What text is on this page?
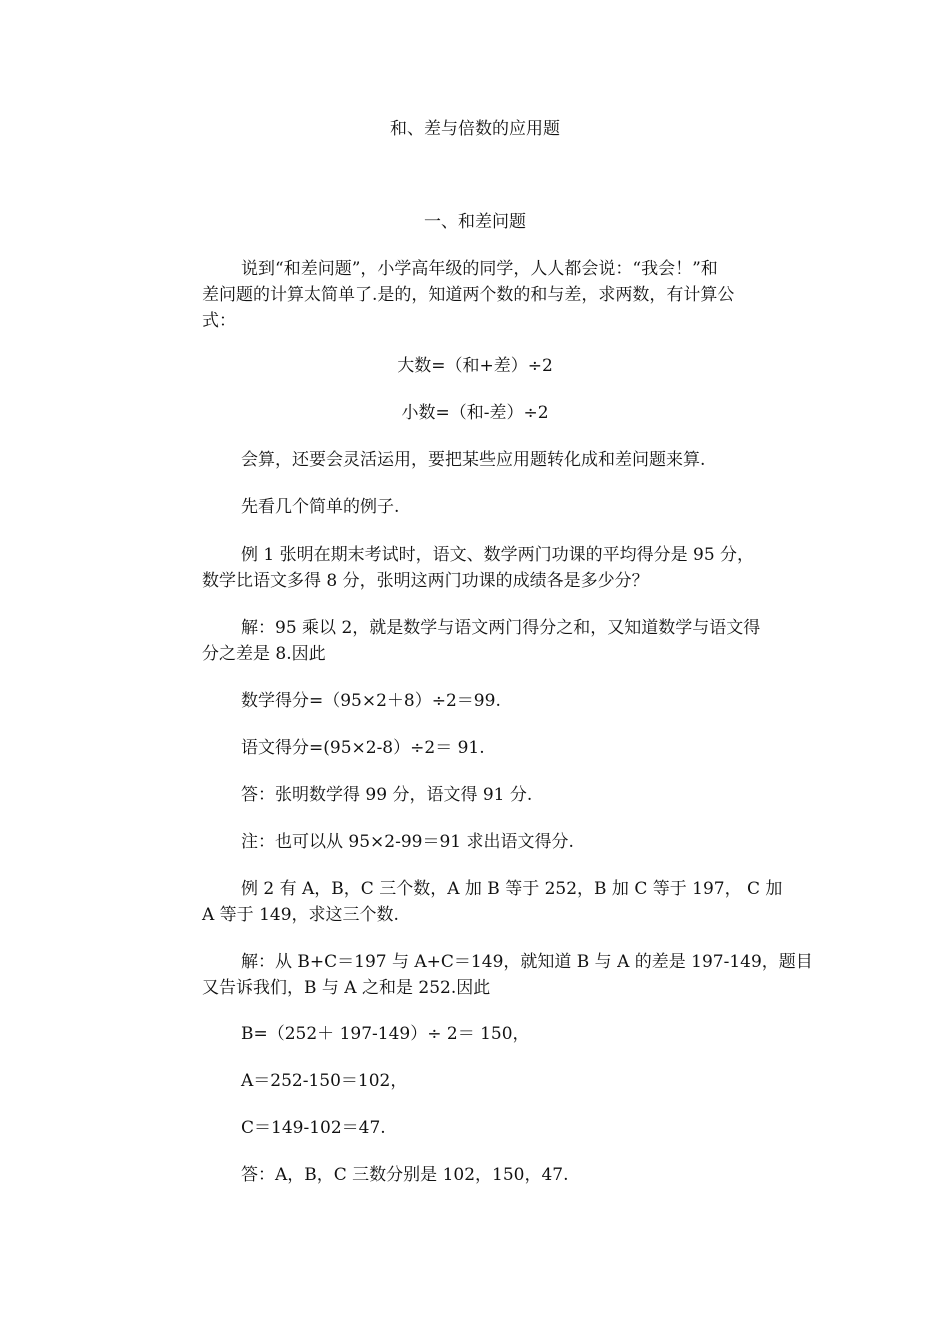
和、差与倍数的应用题
一、和差问题
说到“和差问题”，小学高年级的同学，人人都会说：“我会！”和
差问题的计算太简单了.是的，知道两个数的和与差，求两数，有计算公
式：
大数=（和+差）÷2
小数=（和-差）÷2
会算，还要会灵活运用，要把某些应用题转化成和差问题来算.
先看几个简单的例子.
例 1 张明在期末考试时，语文、数学两门功课的平均得分是 95 分，
数学比语文多得 8 分，张明这两门功课的成绩各是多少分？
解：95 乘以 2，就是数学与语文两门得分之和，又知道数学与语文得
分之差是 8.因此
数学得分=（95×2＋8）÷2＝99.
语文得分=(95×2-8）÷2＝ 91.
答：张明数学得 99 分，语文得 91 分.
注：也可以从 95×2-99＝91 求出语文得分.
例 2 有 A，B，C 三个数，A 加 B 等于 252，B 加 C 等于 197， C 加
A 等于 149，求这三个数.
解：从 B+C＝197 与 A+C＝149，就知道 B 与 A 的差是 197-149，题目
又告诉我们，B 与 A 之和是 252.因此
B=（252＋ 197-149）÷ 2＝ 150，
A＝252-150＝102，
C＝149-102＝47.
答：A，B，C 三数分别是 102，150，47.
